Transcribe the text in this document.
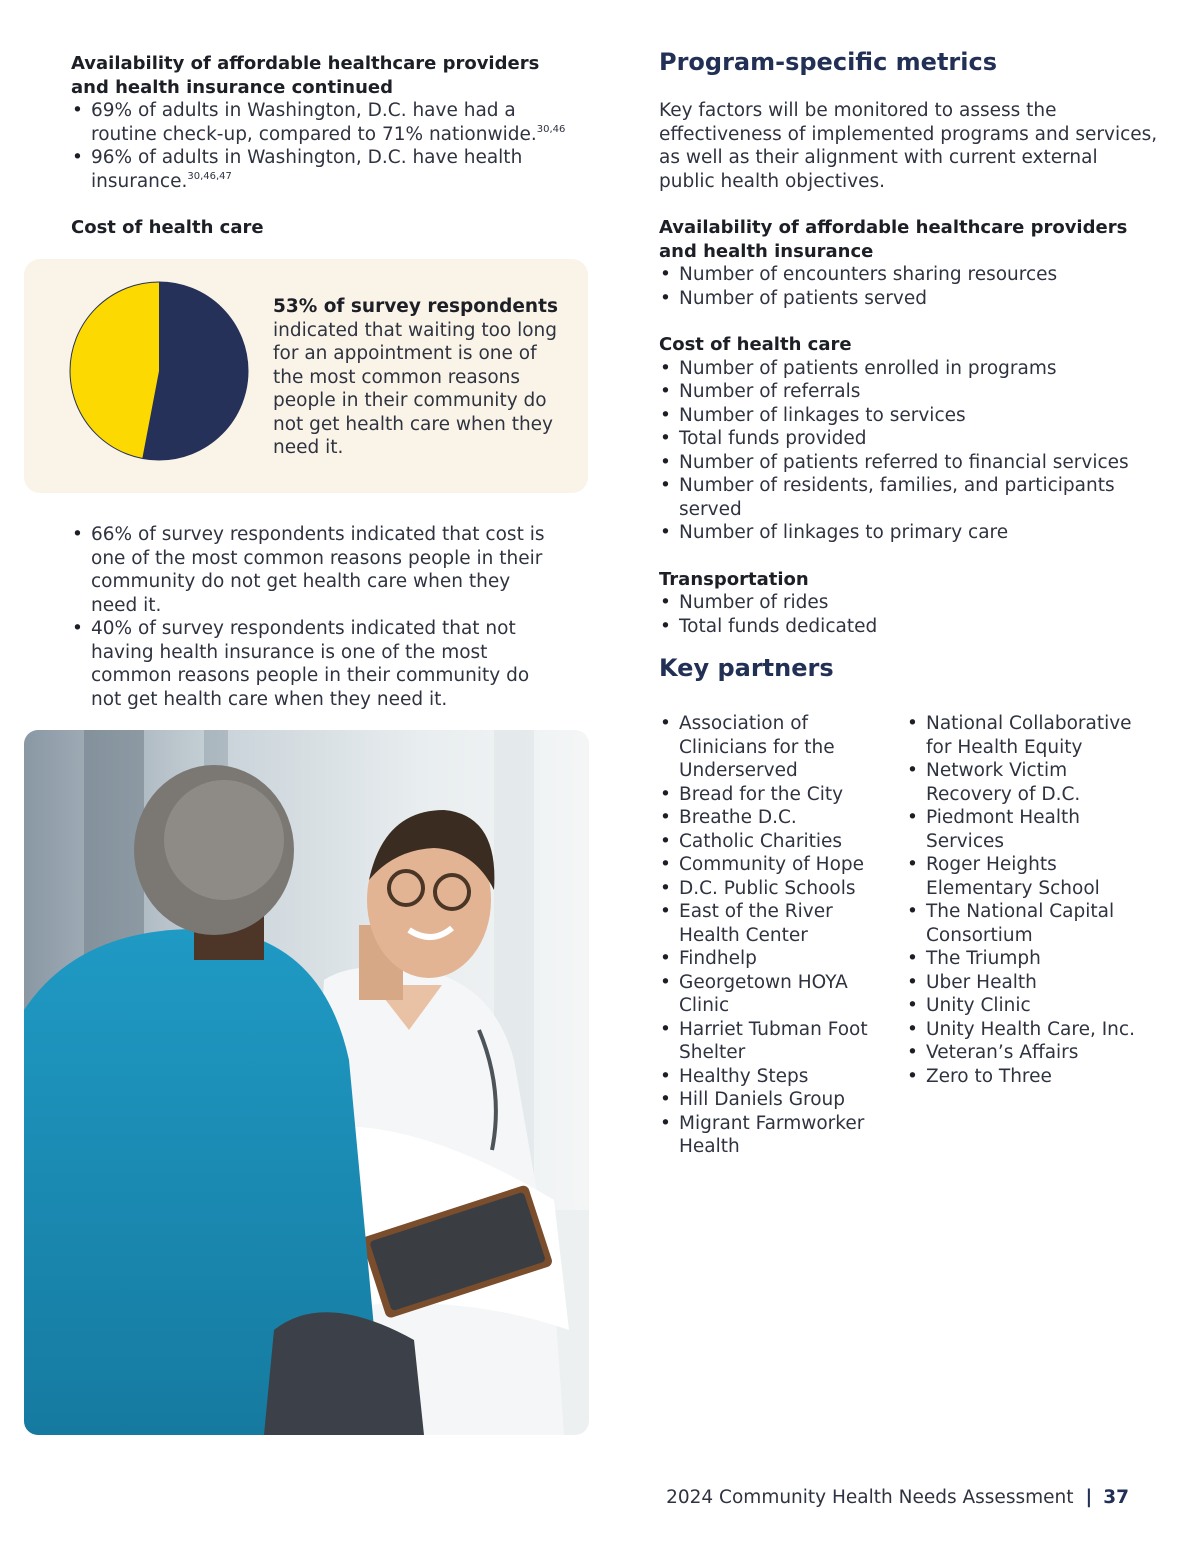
Availability of affordable healthcare providers and health insurance continued

• 69% of adults in Washington, D.C. have had a routine check-up, compared to 71% nationwide.$^{30,46}$
• 96% of adults in Washington, D.C. have health insurance.$^{30,46,47}$

Cost of health care

53% of survey respondents
indicated that waiting too long for an appointment is one of the most common reasons people in their community do not get health care when they need it.
• 66% of survey respondents indicated that cost is one of the most common reasons people in their community do not get health care when they need it.
• 40% of survey respondents indicated that not having health insurance is one of the most common reasons people in their community do not get health care when they need it.
Program-specific metrics

Key factors will be monitored to assess the effectiveness of implemented programs and services, as well as their alignment with current external public health objectives.

Availability of affordable healthcare providers and health insurance

• Number of encounters sharing resources
• Number of patients served

Cost of health care

• Number of patients enrolled in programs
• Number of referrals
• Number of linkages to services
• Total funds provided
• Number of patients referred to financial services
• Number of residents, families, and participants served
• Number of linkages to primary care

Transportation

• Number of rides
• Total funds dedicated
Key partners
• Association of Clinicians for the Underserved
• Bread for the City
• Breathe D.C.
• Catholic Charities
• Community of Hope
• D.C. Public Schools
• East of the River Health Center
• Findhelp
• Georgetown HOYA Clinic
• Harriet Tubman Foot Shelter
• Healthy Steps
• Hill Daniels Group
• Migrant Farmworker Health
• National Collaborative for Health Equity
• Network Victim Recovery of D.C.
• Piedmont Health Services
• Roger Heights Elementary School
• The National Capital Consortium
• The Triumph
• Uber Health
• Unity Clinic
• Unity Health Care, Inc.
• Veteran’s Affairs
• Zero to Three
2024 Community Health Needs Assessment | 37
